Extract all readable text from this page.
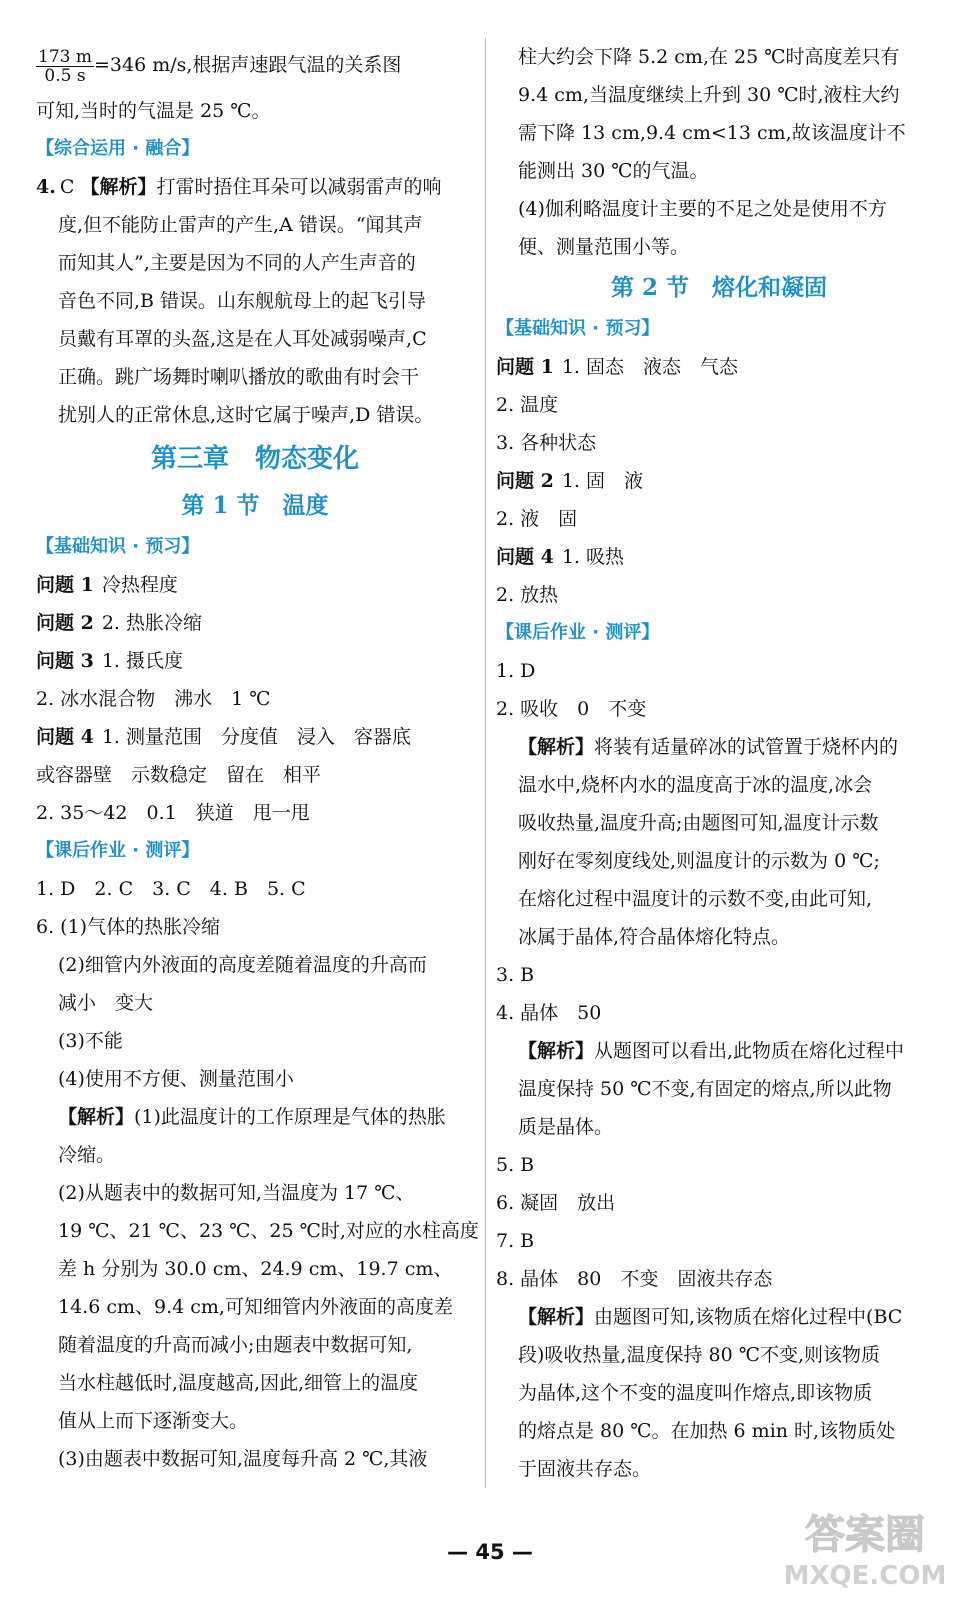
$\frac{173 m}{0.5 s} =346$ m/s,根据声速跟气温的关系图
可知,当时的气温是 25 ℃。
【综合运用 · 融合】
4. C 【解析】打雷时捂住耳朵可以减弱雷声的响
度,但不能防止雷声的产生,A 错误。“闻其声
而知其人”,主要是因为不同的人产生声音的
音色不同,B 错误。山东舰航母上的起飞引导
员戴有耳罩的头盔,这是在人耳处减弱噪声,C
正确。跳广场舞时喇叭播放的歌曲有时会干
扰别人的正常休息,这时它属于噪声,D 错误。
第三章　物态变化
第 1 节　温度
【基础知识 · 预习】
问题 1 冷热程度
问题 2 2. 热胀冷缩
问题 3 1. 摄氏度
2. 冰水混合物　沸水　1 ℃
问题 4 1. 测量范围　分度值　浸入　容器底
或容器壁　示数稳定　留在　相平
2. 35～42　0.1　狭道　甩一甩
【课后作业 · 测评】
1. D　2. C　3. C　4. B　5. C
6. (1)气体的热胀冷缩
(2)细管内外液面的高度差随着温度的升高而
减小　变大
(3)不能
(4)使用不方便、测量范围小
【解析】(1)此温度计的工作原理是气体的热胀
冷缩。
(2)从题表中的数据可知,当温度为 17 ℃、
19 ℃、21 ℃、23 ℃、25 ℃时,对应的水柱高度
差 h 分别为 30.0 cm、24.9 cm、19.7 cm、
14.6 cm、9.4 cm,可知细管内外液面的高度差
随着温度的升高而减小;由题表中数据可知,
当水柱越低时,温度越高,因此,细管上的温度
值从上而下逐渐变大。
(3)由题表中数据可知,温度每升高 2 ℃,其液
柱大约会下降 5.2 cm,在 25 ℃时高度差只有
9.4 cm,当温度继续上升到 30 ℃时,液柱大约
需下降 13 cm,9.4 cm<13 cm,故该温度计不
能测出 30 ℃的气温。
(4)伽利略温度计主要的不足之处是使用不方
便、测量范围小等。
第 2 节　熔化和凝固
【基础知识 · 预习】
问题 1 1. 固态　液态　气态
2. 温度
3. 各种状态
问题 2 1. 固　液
2. 液　固
问题 4 1. 吸热
2. 放热
【课后作业 · 测评】
1. D
2. 吸收　0　不变
【解析】将装有适量碎冰的试管置于烧杯内的
温水中,烧杯内水的温度高于冰的温度,冰会
吸收热量,温度升高;由题图可知,温度计示数
刚好在零刻度线处,则温度计的示数为 0 ℃;
在熔化过程中温度计的示数不变,由此可知,
冰属于晶体,符合晶体熔化特点。
3. B
4. 晶体　50
【解析】从题图可以看出,此物质在熔化过程中
温度保持 50 ℃不变,有固定的熔点,所以此物
质是晶体。
5. B
6. 凝固　放出
7. B
8. 晶体　80　不变　固液共存态
【解析】由题图可知,该物质在熔化过程中(BC
段)吸收热量,温度保持 80 ℃不变,则该物质
为晶体,这个不变的温度叫作熔点,即该物质
的熔点是 80 ℃。在加热 6 min 时,该物质处
于固液共存态。
— 45 —	答案圈
MXQE.COM
